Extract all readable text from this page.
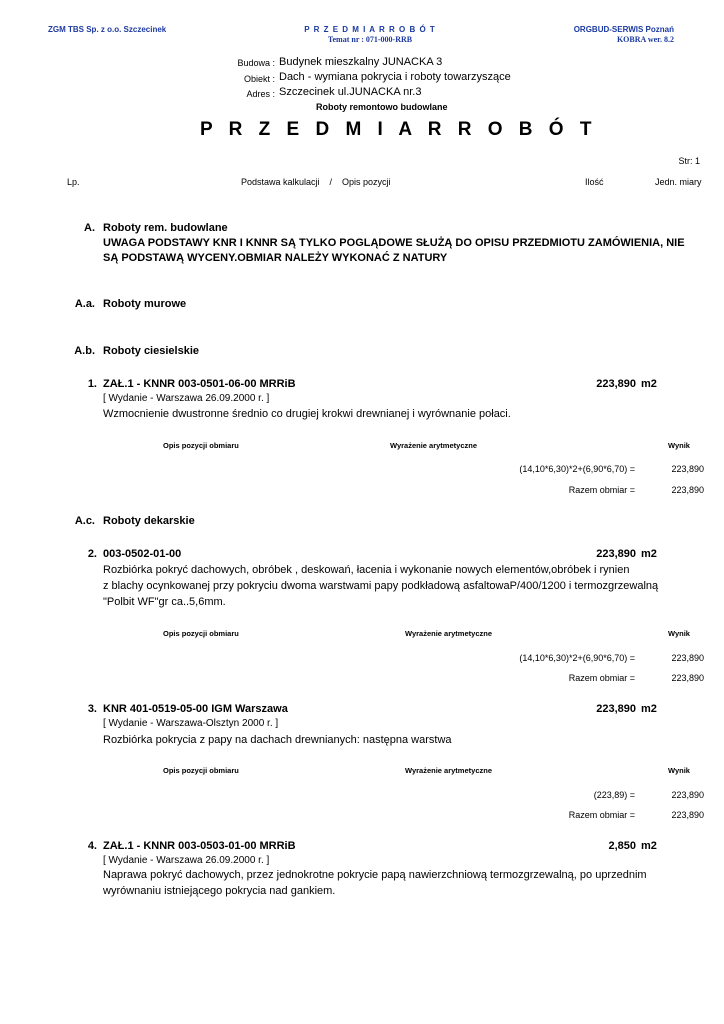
ZGM TBS Sp. z o.o. Szczecinek	P R Z E D M I A R R O B Ó T
Temat nr : 071-000-RRB
ORGBUD-SERWIS Poznań
KOBRA wer. 8.2
Budowa : Budynek mieszkalny JUNACKA 3
Obiekt : Dach - wymiana pokrycia i roboty towarzyszące
Adres : Szczecinek ul.JUNACKA nr.3
Roboty remontowo budowlane
P R Z E D M I A R R O B Ó T
Str: 1
Lp.	Podstawa kalkulacji    /    Opis pozycji	Ilość	Jedn. miary
A. Roboty rem. budowlane
UWAGA PODSTAWY KNR I KNNR SĄ TYLKO POGLĄDOWE SŁUŻĄ DO OPISU PRZEDMIOTU ZAMÓWIENIA, NIE
SĄ PODSTAWĄ WYCENY.OBMIAR NALEŻY WYKONAĆ Z NATURY
A.a. Roboty murowe
A.b. Roboty ciesielskie
1. ZAŁ.1 - KNNR 003-0501-06-00 MRRiB	223,890 m2
[ Wydanie - Warszawa 26.09.2000 r. ]
Wzmocnienie dwustronne średnio co drugiej krokwi drewnianej i wyrównanie połaci.
Opis pozycji obmiaru	Wyrażenie arytmetyczne	Wynik
(14,10*6,30)*2+(6,90*6,70) =	223,890
Razem obmiar =	223,890
A.c. Roboty dekarskie
2. 003-0502-01-00	223,890 m2
Rozbiórka pokryć dachowych, obróbek , deskowań, łacenia i wykonanie nowych elementów,obróbek i rynien
z blachy ocynkowanej przy pokryciu dwoma warstwami papy podkładową asfaltowaP/400/1200 i termozgrzewalną
"Polbit WF"gr ca..5,6mm.
Opis pozycji obmiaru	Wyrażenie arytmetyczne	Wynik
(14,10*6,30)*2+(6,90*6,70) =	223,890
Razem obmiar =	223,890
3. KNR 401-0519-05-00 IGM Warszawa	223,890 m2
[ Wydanie - Warszawa-Olsztyn 2000 r. ]
Rozbiórka pokrycia z papy na dachach drewnianych: następna warstwa
Opis pozycji obmiaru	Wyrażenie arytmetyczne	Wynik
(223,89) =	223,890
Razem obmiar =	223,890
4. ZAŁ.1 - KNNR 003-0503-01-00 MRRiB	2,850 m2
[ Wydanie - Warszawa 26.09.2000 r. ]
Naprawa pokryć dachowych, przez jednokrotne pokrycie papą nawierzchniową termozgrzewalną, po uprzednim
wyrównaniu istniejącego pokrycia nad gankiem.
